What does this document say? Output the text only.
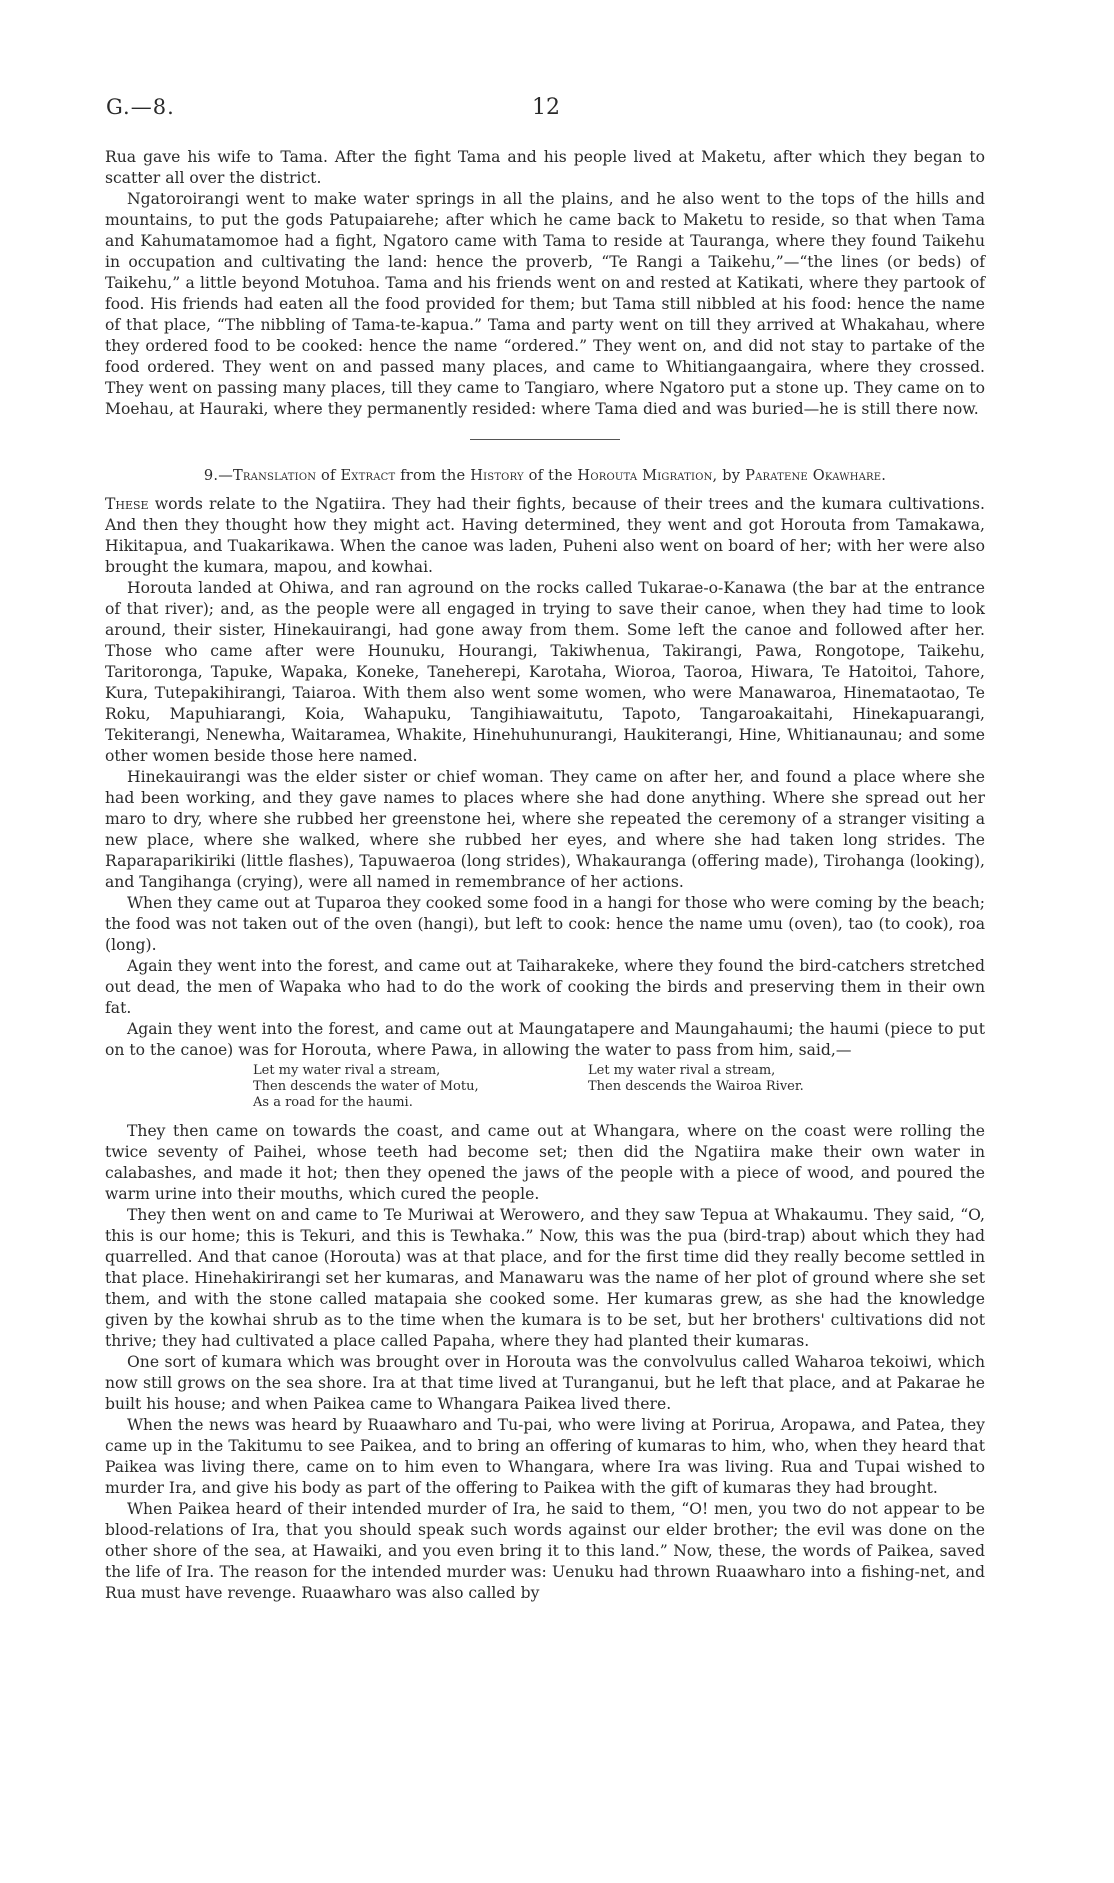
G.—8.	12

Rua gave his wife to Tama. After the fight Tama and his people lived at Maketu, after which they began to scatter all over the district.

Ngatoroirangi went to make water springs in all the plains, and he also went to the tops of the hills and mountains, to put the gods Patupaiarehe; after which he came back to Maketu to reside, so that when Tama and Kahumatamomoe had a fight, Ngatoro came with Tama to reside at Tauranga, where they found Taikehu in occupation and cultivating the land: hence the proverb, “Te Rangi a Taikehu,”—“the lines (or beds) of Taikehu,” a little beyond Motuhoa. Tama and his friends went on and rested at Katikati, where they partook of food. His friends had eaten all the food provided for them; but Tama still nibbled at his food: hence the name of that place, “The nibbling of Tama-te-kapua.” Tama and party went on till they arrived at Whakahau, where they ordered food to be cooked: hence the name “ordered.” They went on, and did not stay to partake of the food ordered. They went on and passed many places, and came to Whitiangaangaira, where they crossed. They went on passing many places, till they came to Tangiaro, where Ngatoro put a stone up. They came on to Moehau, at Hauraki, where they permanently resided: where Tama died and was buried—he is still there now.

9.—Translation of Extract from the History of the Horouta Migration, by Paratene Okawhare.

These words relate to the Ngatiira. They had their fights, because of their trees and the kumara cultivations. And then they thought how they might act. Having determined, they went and got Horouta from Tamakawa, Hikitapua, and Tuakarikawa. When the canoe was laden, Puheni also went on board of her; with her were also brought the kumara, mapou, and kowhai.

Horouta landed at Ohiwa, and ran aground on the rocks called Tukarae-o-Kanawa (the bar at the entrance of that river); and, as the people were all engaged in trying to save their canoe, when they had time to look around, their sister, Hinekauirangi, had gone away from them. Some left the canoe and followed after her. Those who came after were Hounuku, Hourangi, Takiwhenua, Takirangi, Pawa, Rongotope, Taikehu, Taritoronga, Tapuke, Wapaka, Koneke, Taneherepi, Karotaha, Wioroa, Taoroa, Hiwara, Te Hatoitoi, Tahore, Kura, Tutepakihirangi, Taiaroa. With them also went some women, who were Manawaroa, Hinemataotao, Te Roku, Mapuhiarangi, Koia, Wahapuku, Tangihiawaitutu, Tapoto, Tangaroakaitahi, Hinekapuarangi, Tekiterangi, Nenewha, Waitaramea, Whakite, Hinehuhunurangi, Haukiterangi, Hine, Whitianaunau; and some other women beside those here named.

Hinekauirangi was the elder sister or chief woman. They came on after her, and found a place where she had been working, and they gave names to places where she had done anything. Where she spread out her maro to dry, where she rubbed her greenstone hei, where she repeated the ceremony of a stranger visiting a new place, where she walked, where she rubbed her eyes, and where she had taken long strides. The Raparaparikiriki (little flashes), Tapuwaeroa (long strides), Whakauranga (offering made), Tirohanga (looking), and Tangihanga (crying), were all named in remembrance of her actions.

When they came out at Tuparoa they cooked some food in a hangi for those who were coming by the beach; the food was not taken out of the oven (hangi), but left to cook: hence the name umu (oven), tao (to cook), roa (long).

Again they went into the forest, and came out at Taiharakeke, where they found the bird-catchers stretched out dead, the men of Wapaka who had to do the work of cooking the birds and preserving them in their own fat.

Again they went into the forest, and came out at Maungatapere and Maungahaumi; the haumi (piece to put on to the canoe) was for Horouta, where Pawa, in allowing the water to pass from him, said,—

Let my water rival a stream,
Then descends the water of Motu,
As a road for the haumi.
Let my water rival a stream,
Then descends the Wairoa River.

They then came on towards the coast, and came out at Whangara, where on the coast were rolling the twice seventy of Paihei, whose teeth had become set; then did the Ngatiira make their own water in calabashes, and made it hot; then they opened the jaws of the people with a piece of wood, and poured the warm urine into their mouths, which cured the people.

They then went on and came to Te Muriwai at Werowero, and they saw Tepua at Whakaumu. They said, “O, this is our home; this is Tekuri, and this is Tewhaka.” Now, this was the pua (bird-trap) about which they had quarrelled. And that canoe (Horouta) was at that place, and for the first time did they really become settled in that place. Hinehakirirangi set her kumaras, and Manawaru was the name of her plot of ground where she set them, and with the stone called matapaia she cooked some. Her kumaras grew, as she had the knowledge given by the kowhai shrub as to the time when the kumara is to be set, but her brothers' cultivations did not thrive; they had cultivated a place called Papaha, where they had planted their kumaras.

One sort of kumara which was brought over in Horouta was the convolvulus called Waharoa tekoiwi, which now still grows on the sea shore. Ira at that time lived at Turanganui, but he left that place, and at Pakarae he built his house; and when Paikea came to Whangara Paikea lived there.

When the news was heard by Ruaawharo and Tu-pai, who were living at Porirua, Aropawa, and Patea, they came up in the Takitumu to see Paikea, and to bring an offering of kumaras to him, who, when they heard that Paikea was living there, came on to him even to Whangara, where Ira was living. Rua and Tupai wished to murder Ira, and give his body as part of the offering to Paikea with the gift of kumaras they had brought.

When Paikea heard of their intended murder of Ira, he said to them, “O! men, you two do not appear to be blood-relations of Ira, that you should speak such words against our elder brother; the evil was done on the other shore of the sea, at Hawaiki, and you even bring it to this land.” Now, these, the words of Paikea, saved the life of Ira. The reason for the intended murder was: Uenuku had thrown Ruaawharo into a fishing-net, and Rua must have revenge. Ruaawharo was also called by
